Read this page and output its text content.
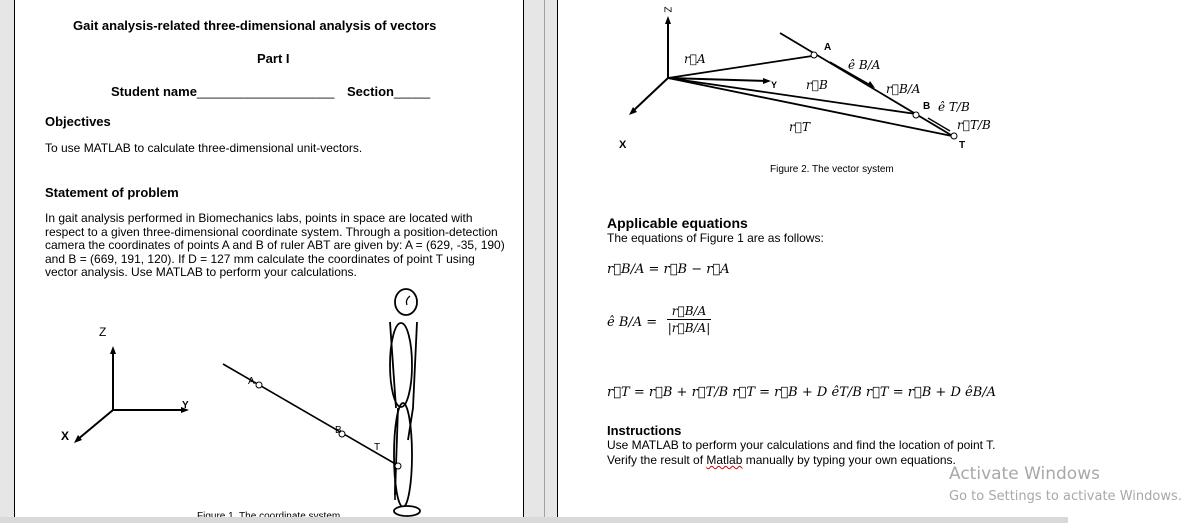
Gait analysis-related three-dimensional analysis of vectors
Part I
Student name___________________ Section_____
Objectives
To use MATLAB to calculate three-dimensional unit-vectors.
Statement of problem
In gait analysis performed in Biomechanics labs, points in space are located with respect to a given three-dimensional coordinate system. Through a position-detection camera the coordinates of points A and B of ruler ABT are given by: A = (629, -35, 190) and B = (669, 191, 120). If D = 127 mm calculate the coordinates of point T using vector analysis. Use MATLAB to perform your calculations.
Z
Y
X
A
B
T
Z
Y
X
A
B
T
r⃗A
r⃗B
r⃗T
ê B/A
r⃗B/A
ê T/B
r⃗T/B
Figure 2. The vector system
Applicable equations
The equations of Figure 1 are as follows:
r⃗B/A = r⃗B − r⃗A
ê B/A =
r⃗B/A
|r⃗B/A|
r⃗T = r⃗B + r⃗T/B r⃗T = r⃗B + D êT/B r⃗T = r⃗B + D êB/A
Instructions
Use MATLAB to perform your calculations and find the location of point T.
Verify the result of Matlab manually by typing your own equations.
Activate Windows
Go to Settings to activate Windows.
